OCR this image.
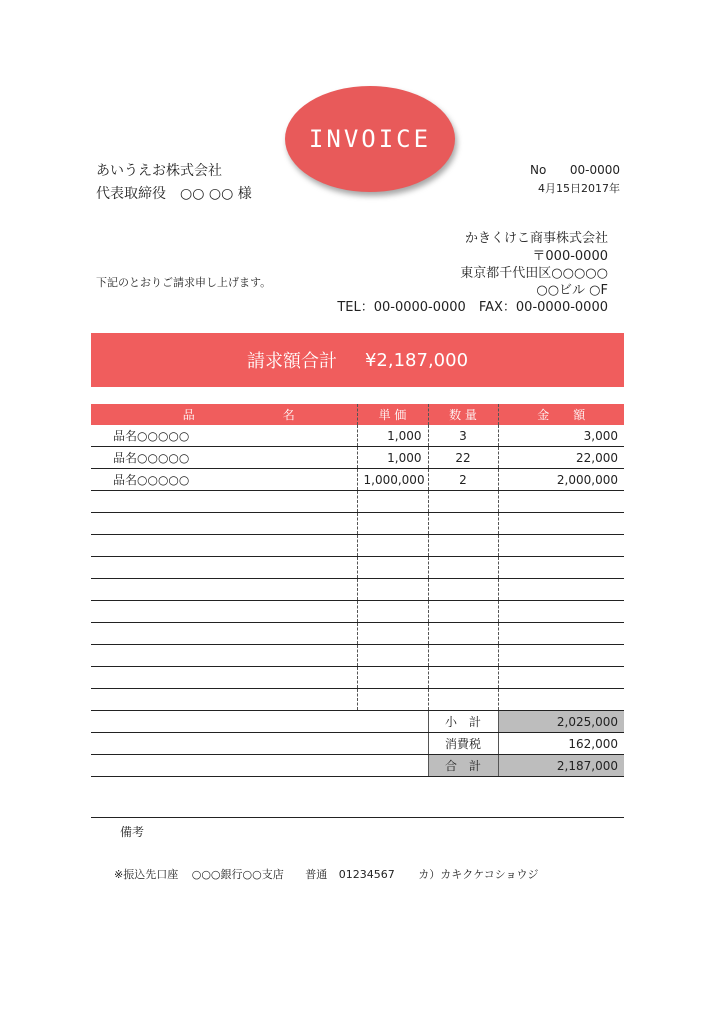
INVOICE
あいうえお株式会社
代表取締役　○○ ○○ 様
No	00-0000
4月15日2017年
かきくけこ商事株式会社
〒000-0000
東京都千代田区○○○○○
○○ビル ○F
TEL：00-0000-0000　FAX：00-0000-0000
下記のとおりご請求申し上げます。
請求額合計 ¥2,187,000
品 名	単 価	数 量	金　　額
品名○○○○○	1,000	3	3,000
品名○○○○○	1,000	22	22,000
品名○○○○○	1,000,000	2	2,000,000

	小　計	2,025,000
	消費税	162,000
	合　計	2,187,000
備考
※振込先口座 ○○○銀行○○支店 普通 01234567 カ）カキクケコショウジ
